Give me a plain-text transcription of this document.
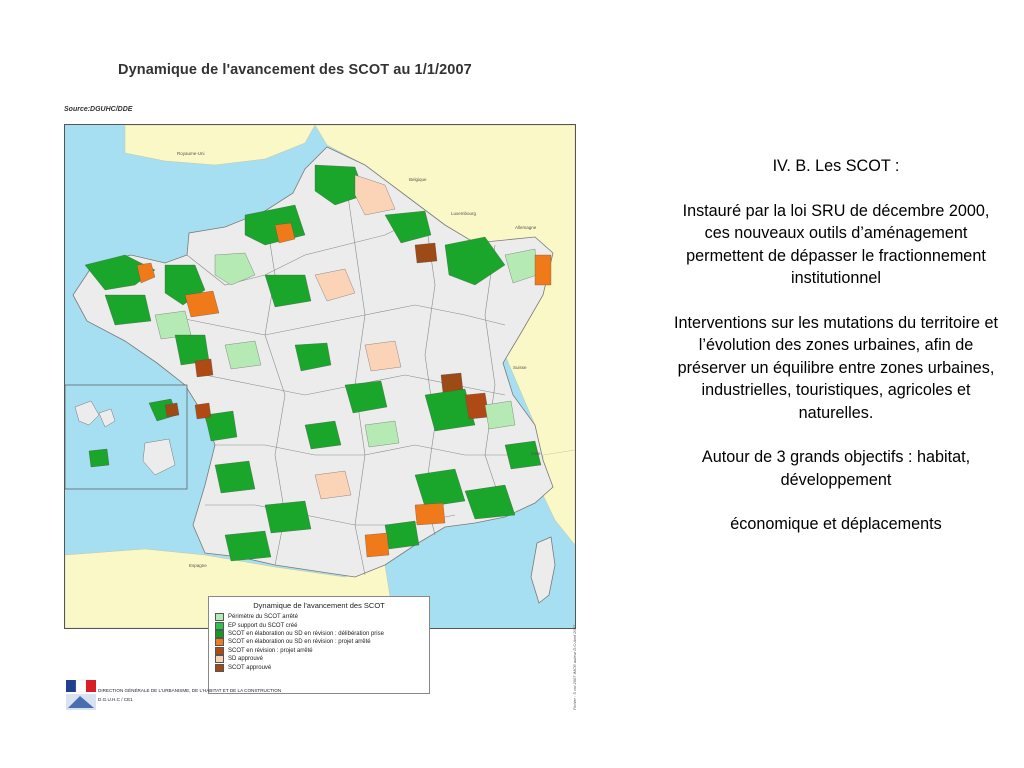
Dynamique de l'avancement des SCOT au 1/1/2007
Source:DGUHC/DDE
Royaume-Uni
Belgique
Luxembourg
Allemagne
Suisse
Italie
Espagne
Dynamique de l'avancement des SCOT
Périmètre du SCOT arrêté
EP support du SCOT créé
SCOT en élaboration ou SD en révision : délibération prise
SCOT en élaboration ou SD en révision : projet arrêté
SCOT en révision : projet arrêté
SD approuvé
SCOT approuvé	Fichier : S cot 2007 IMCR auteur D.O Avril 2007
DIRECTION GÉNÉRALE DE L'URBANISME, DE L'HABITAT ET DE LA CONSTRUCTION
D.G.U.H.C / CE1

IV. B. Les SCOT :

Instauré par la loi SRU de décembre 2000, ces nouveaux outils d’aménagement permettent de dépasser le fractionnement institutionnel

Interventions sur les mutations du territoire et l’évolution des zones urbaines, afin de préserver un équilibre entre zones urbaines, industrielles, touristiques, agricoles et naturelles.

Autour de 3 grands objectifs : habitat, développement

économique et déplacements
